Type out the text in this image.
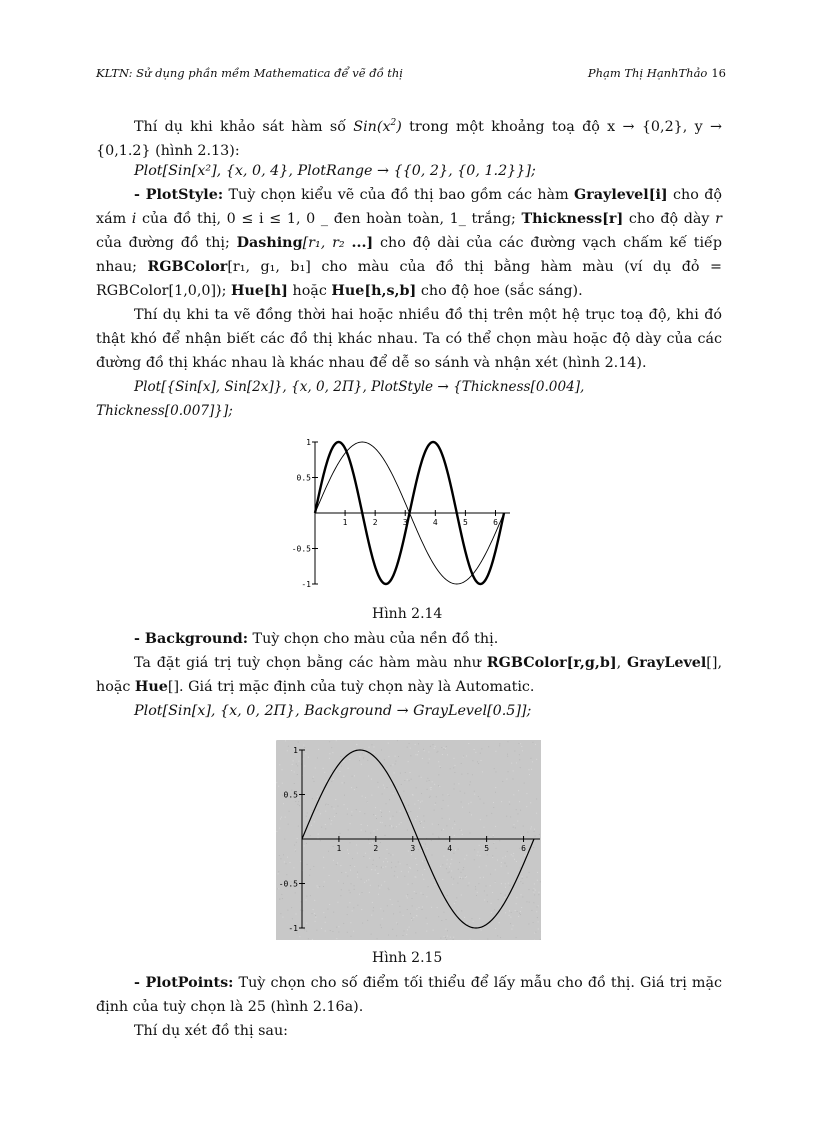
KLTN: Sử dụng phần mềm Mathematica để vẽ đồ thị	Phạm Thị HạnhThảo 16
Thí dụ khi khảo sát hàm số $Sin(x^2)$ trong một khoảng toạ độ x → {0,2}, y → {0,1.2} (hình 2.13):
Plot[Sin[x²], {x, 0, 4}, PlotRange → {{0, 2}, {0, 1.2}}];
- PlotStyle: Tuỳ chọn kiểu vẽ của đồ thị bao gồm các hàm Graylevel[i] cho độ xám i của đồ thị, 0 ≤ i ≤ 1, 0 _ đen hoàn toàn, 1_ trắng; Thickness[r] cho độ dày r của đường đồ thị; Dashing[r₁, r₂ ...] cho độ dài của các đường vạch chấm kế tiếp nhau; RGBColor[r₁, g₁, b₁] cho màu của đồ thị bằng hàm màu (ví dụ đỏ = RGBColor[1,0,0]); Hue[h] hoặc Hue[h,s,b] cho độ hoe (sắc sáng).
Thí dụ khi ta vẽ đồng thời hai hoặc nhiều đồ thị trên một hệ trục toạ độ, khi đó thật khó để nhận biết các đồ thị khác nhau. Ta có thể chọn màu hoặc độ dày của các đường đồ thị khác nhau là khác nhau để dễ so sánh và nhận xét (hình 2.14).
Plot[{Sin[x], Sin[2x]}, {x, 0, 2Π}, PlotStyle → {Thickness[0.004], Thickness[0.007]}];
1	2	3	4	5	6
1
0.5
-0.5
-1
Hình 2.14
- Background: Tuỳ chọn cho màu của nền đồ thị.
Ta đặt giá trị tuỳ chọn bằng các hàm màu như RGBColor[r,g,b], GrayLevel[], hoặc Hue[]. Giá trị mặc định của tuỳ chọn này là Automatic.
Plot[Sin[x], {x, 0, 2Π}, Background → GrayLevel[0.5]];
1	2	3	4	5	6
1
0.5
-0.5
-1
Hình 2.15
- PlotPoints: Tuỳ chọn cho số điểm tối thiểu để lấy mẫu cho đồ thị. Giá trị mặc định của tuỳ chọn là 25 (hình 2.16a).
Thí dụ xét đồ thị sau:
